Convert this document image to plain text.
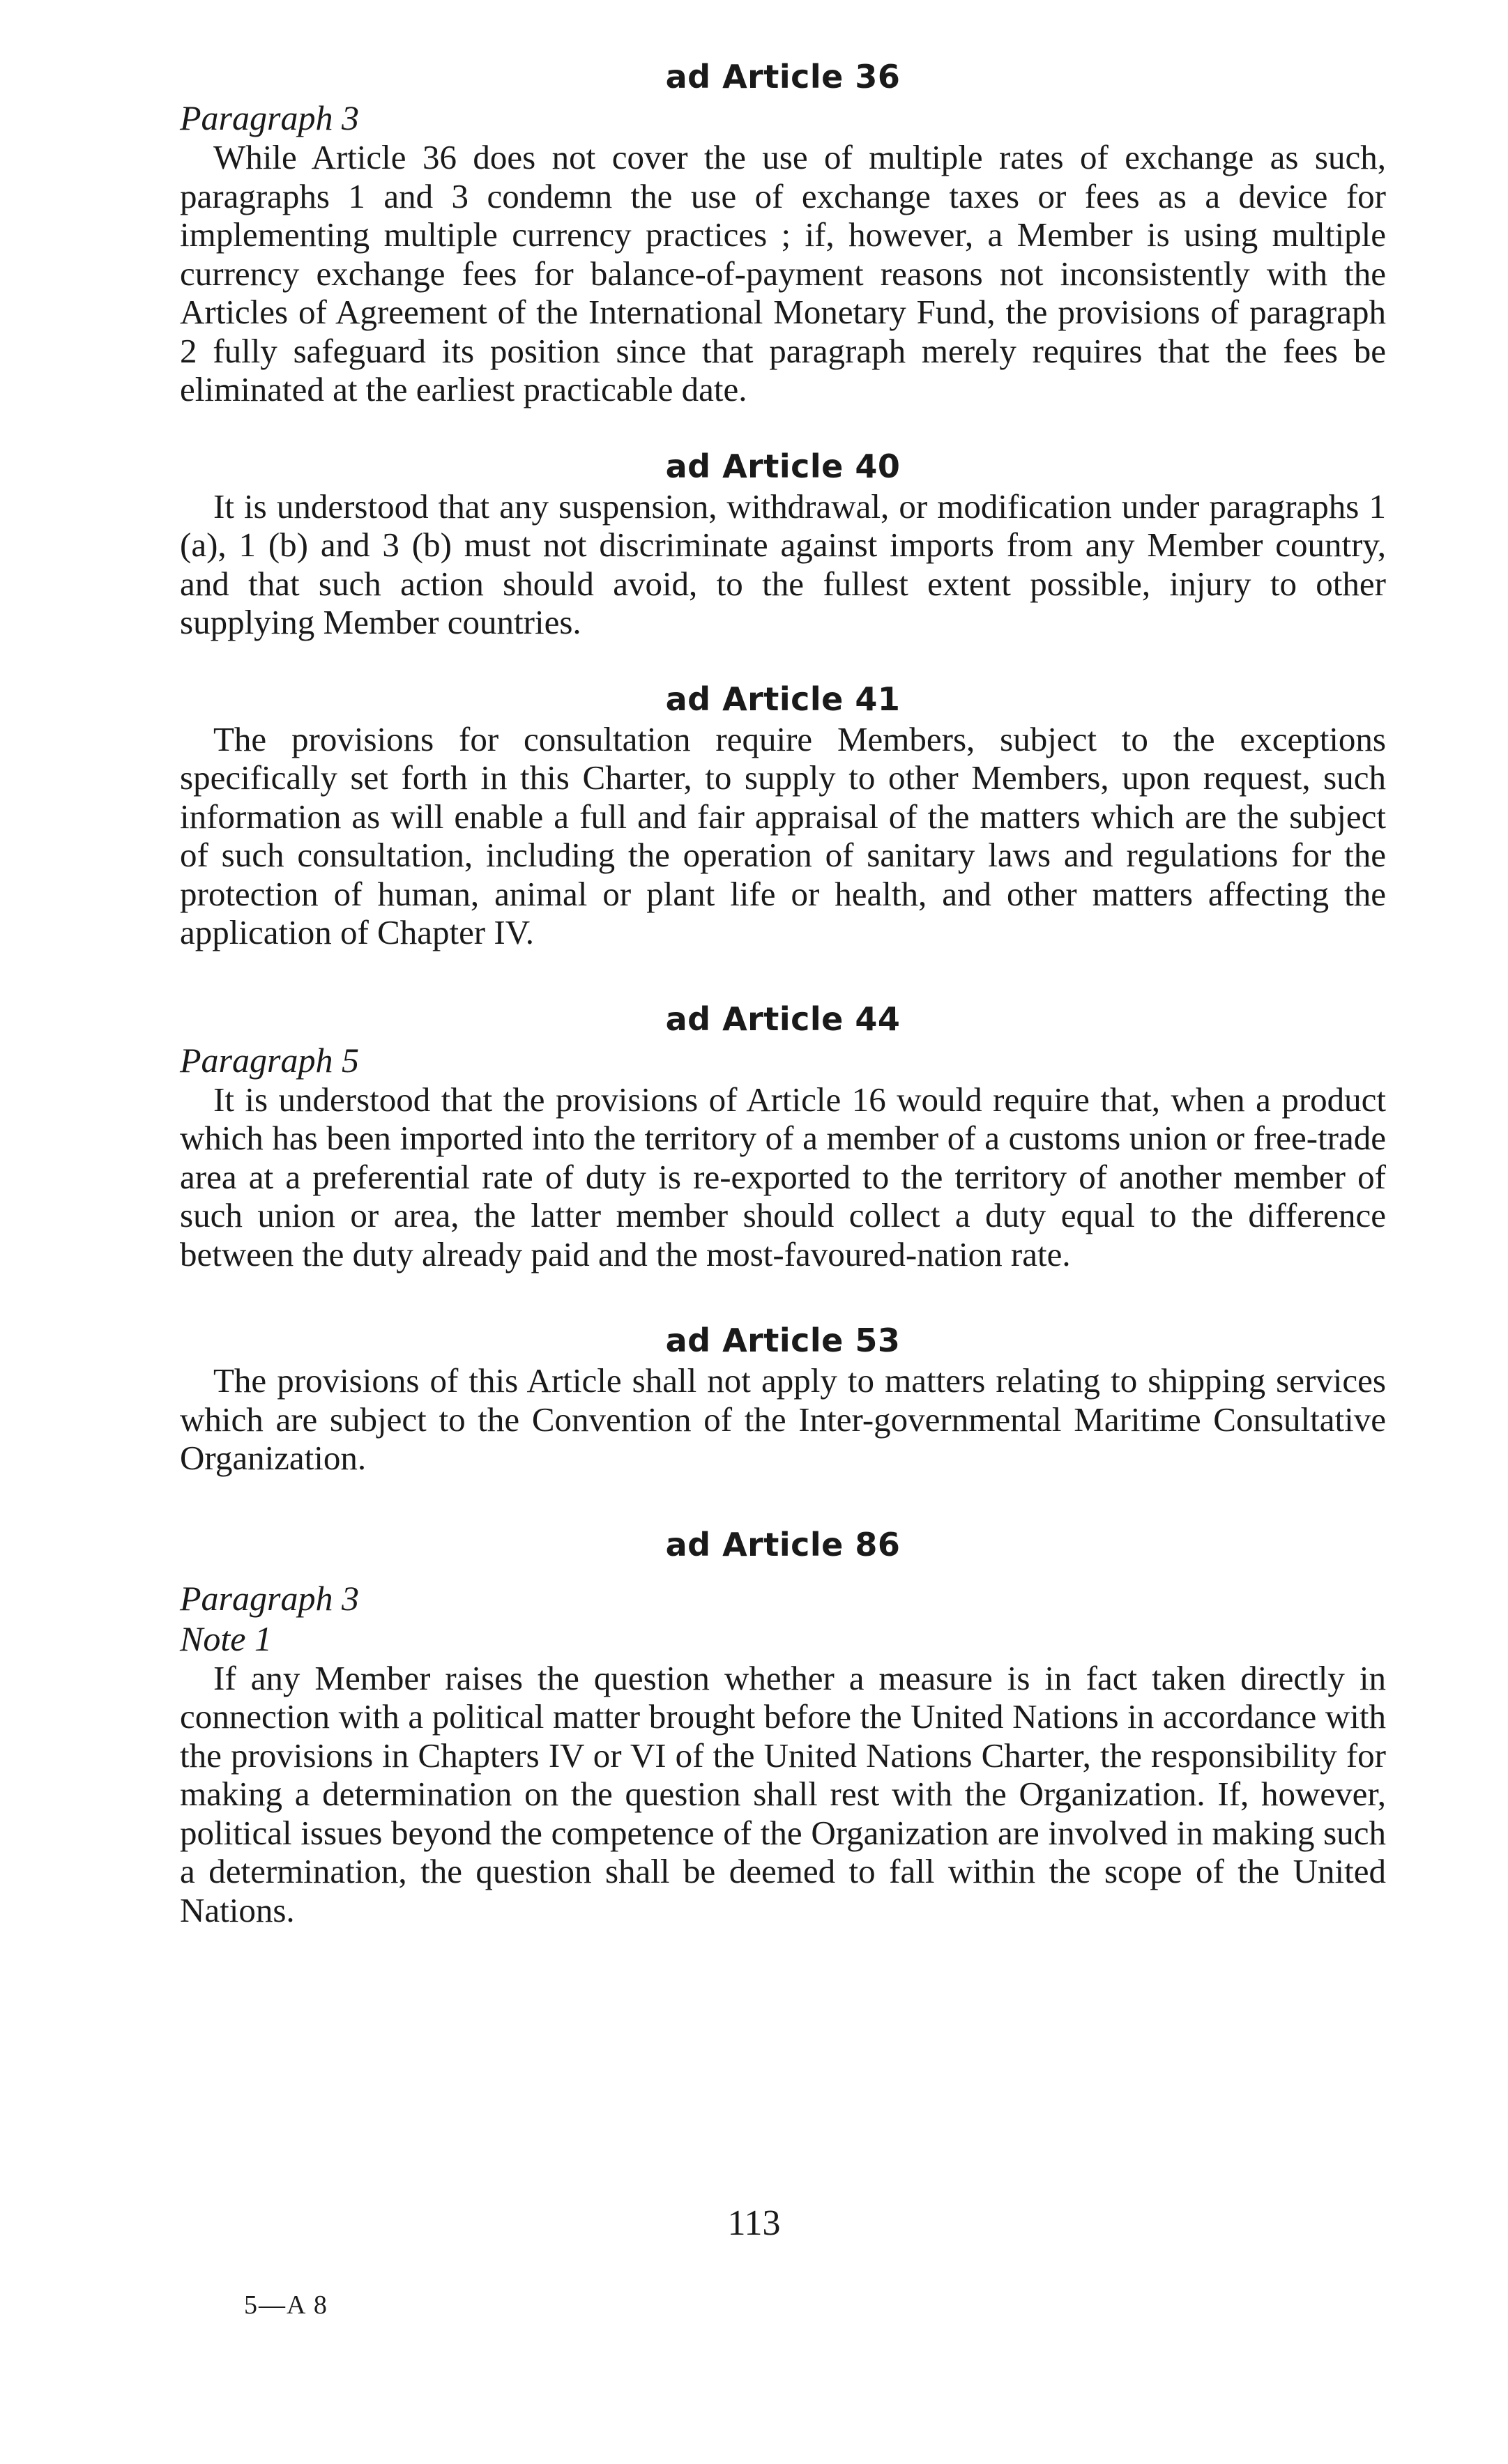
ad Article 36

Paragraph 3

While Article 36 does not cover the use of multiple rates of exchange as such, paragraphs 1 and 3 condemn the use of exchange taxes or fees as a device for implementing multiple currency practices ; if, however, a Member is using multiple currency exchange fees for balance-of-payment reasons not inconsistently with the Articles of Agreement of the International Monetary Fund, the provisions of paragraph 2 fully safeguard its position since that paragraph merely requires that the fees be eliminated at the earliest practicable date.

ad Article 40

It is understood that any suspension, withdrawal, or modification under paragraphs 1 (a), 1 (b) and 3 (b) must not discriminate against imports from any Member country, and that such action should avoid, to the fullest extent possible, injury to other supplying Member countries.

ad Article 41

The provisions for consultation require Members, subject to the exceptions specifically set forth in this Charter, to supply to other Members, upon request, such information as will enable a full and fair appraisal of the matters which are the subject of such consultation, including the operation of sanitary laws and regulations for the protection of human, animal or plant life or health, and other matters affecting the application of Chapter IV.

ad Article 44

Paragraph 5

It is understood that the provisions of Article 16 would require that, when a product which has been imported into the territory of a member of a customs union or free-trade area at a preferential rate of duty is re-exported to the territory of another member of such union or area, the latter member should collect a duty equal to the difference between the duty already paid and the most-favoured-nation rate.

ad Article 53

The provisions of this Article shall not apply to matters relating to shipping services which are subject to the Convention of the Inter-governmental Maritime Consultative Organization.

ad Article 86

Paragraph 3

Note 1

If any Member raises the question whether a measure is in fact taken directly in connection with a political matter brought before the United Nations in accordance with the provisions in Chapters IV or VI of the United Nations Charter, the responsibility for making a determination on the question shall rest with the Organization. If, however, political issues beyond the competence of the Organization are involved in making such a determination, the question shall be deemed to fall within the scope of the United Nations.

113
5—A 8
